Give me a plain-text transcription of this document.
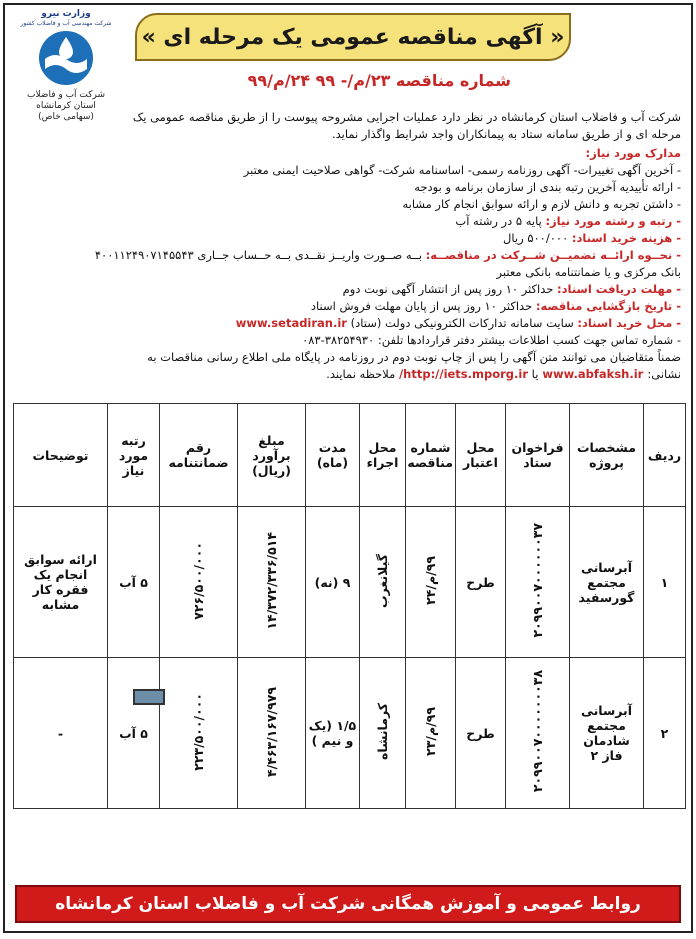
« آگهی مناقصه عمومی یک مرحله ای »
وزارت نیرو
شرکت مهندسی آب و فاضلاب کشور
شرکت آب و فاضلاب
استان کرمانشاه
(سهامی خاص)
شماره مناقصه ۲۳/م/- ۹۹ ۲۴/م/۹۹

شرکت آب و فاضلاب استان کرمانشاه در نظر دارد عملیات اجرایی مشروحه پیوست را از طریق مناقصه عمومی یک مرحله ای و از طریق سامانه ستاد به پیمانکاران واجد شرایط واگذار نماید.

مدارک مورد نیاز:

- آخرین آگهی تغییرات- آگهی روزنامه رسمی- اساسنامه شرکت- گواهی صلاحیت ایمنی معتبر

- ارائه تأییدیه آخرین رتبه بندی از سازمان برنامه و بودجه

- داشتن تجربه و دانش لازم و ارائه سوابق انجام کار مشابه

- رتبه و رشته مورد نیاز: پایه ۵ در رشته آب

- هزینه خرید اسناد: ۵۰۰/۰۰۰ ریال

- نحــوه ارائــه تضمیــن شــرکت در مناقصــه: بــه صــورت واریــز نقــدی بــه حــساب جــاری ۴۰۰۱۱۲۴۹۰۷۱۴۵۵۴۳

بانک مرکزی و یا ضمانتنامه بانکی معتبر

- مهلت دریافت اسناد: حداکثر ۱۰ روز پس از انتشار آگهی نوبت دوم

- تاریخ بازگشایی مناقصه: حداکثر ۱۰ روز پس از پایان مهلت فروش اسناد

- محل خرید اسناد: سایت سامانه تدارکات الکترونیکی دولت (ستاد) www.setadiran.ir

- شماره تماس جهت کسب اطلاعات بیشتر دفتر قراردادها تلفن: ۳۸۲۵۴۹۳۰-۰۸۳

ضمناً متقاضیان می توانند متن آگهی را پس از چاپ نوبت دوم در روزنامه در پایگاه ملی اطلاع رسانی مناقصات به نشانی: www.abfaksh.ir یا http://iets.mporg.ir/ ملاحظه نمایند.

ردیف	مشخصات پروژه	فراخوان ستاد	محل اعتبار	شماره مناقصه	محل اجراء	مدت (ماه)	مبلغ برآورد (ریال)	رقم ضمانتنامه	رتبه مورد نیاز	توضیحات
۱	آبرسانی مجتمع گورسفید	۲۰۹۹۰۰۷۰۰۰۰۰۰۳۷	طرح	۹۹/م/۲۴	گیلانغرب	۹ (نه)	۱۴/۳۷۲/۳۳۶/۵۱۴	۷۲۶/۵۰۰/۰۰۰	۵ آب	ارائه سوابق انجام یک فقره کار مشابه
۲	آبرسانی مجتمع شادمان فاز ۲	۲۰۹۹۰۰۷۰۰۰۰۰۰۰۳۸	طرح	۹۹/م/۲۳	کرمانشاه	۱/۵ (یک و نیم )	۴/۴۶۳/۱۶۷/۹۷۹	۲۲۳/۵۰۰/۰۰۰	۵ آب	-
روابط عمومی و آموزش همگانی شرکت آب و فاضلاب استان کرمانشاه
